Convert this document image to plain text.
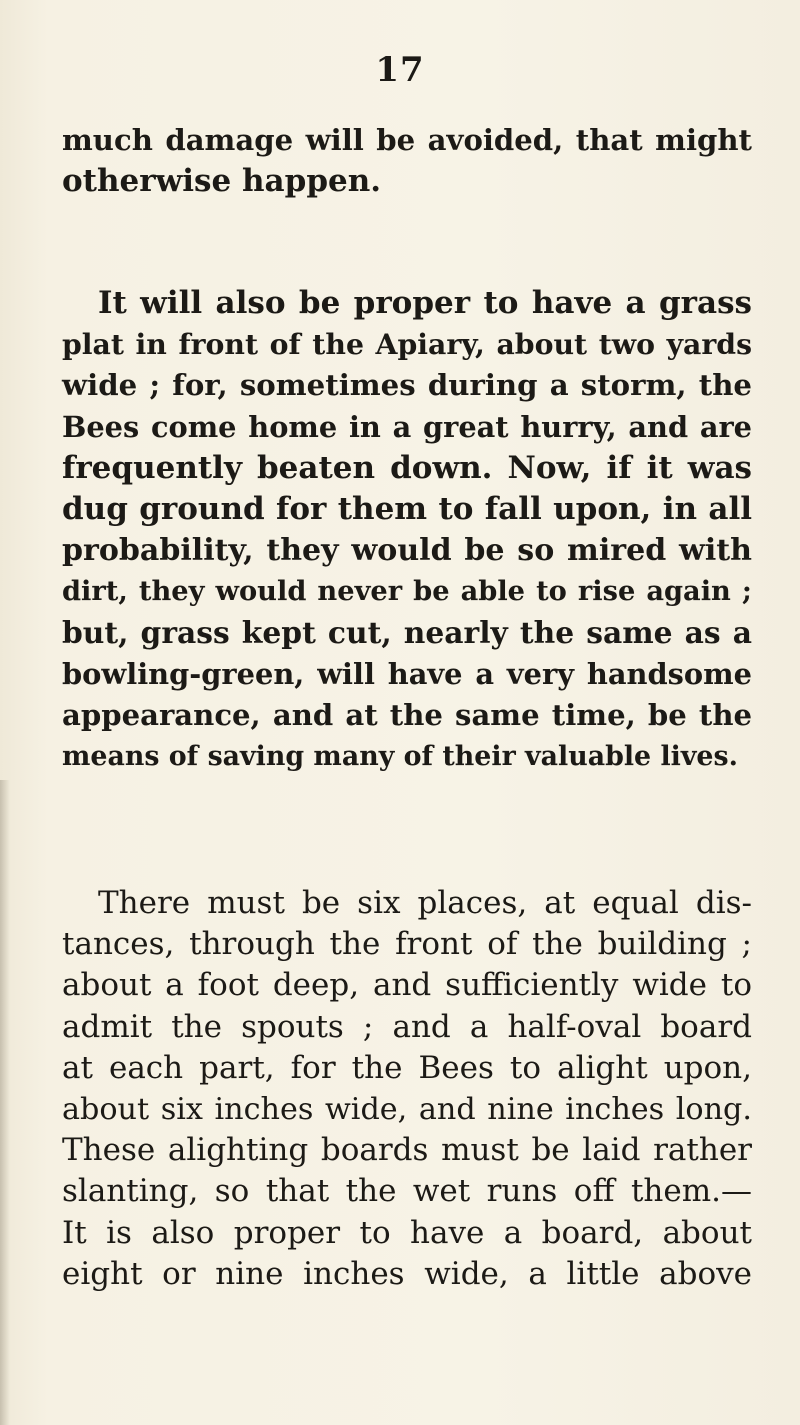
17
much damage will be avoided, that might
otherwise happen.
It will also be proper to have a grass
plat in front of the Apiary, about two yards
wide ; for, sometimes during a storm, the
Bees come home in a great hurry, and are
frequently beaten down. Now, if it was
dug ground for them to fall upon, in all
probability, they would be so mired with
dirt, they would never be able to rise again ;
but, grass kept cut, nearly the same as a
bowling-green, will have a very handsome
appearance, and at the same time, be the
means of saving many of their valuable lives.
There must be six places, at equal dis-
tances, through the front of the building ;
about a foot deep, and sufficiently wide to
admit the spouts ; and a half-oval board
at each part, for the Bees to alight upon,
about six inches wide, and nine inches long.
These alighting boards must be laid rather
slanting, so that the wet runs off them.—
It is also proper to have a board, about
eight or nine inches wide, a little above
